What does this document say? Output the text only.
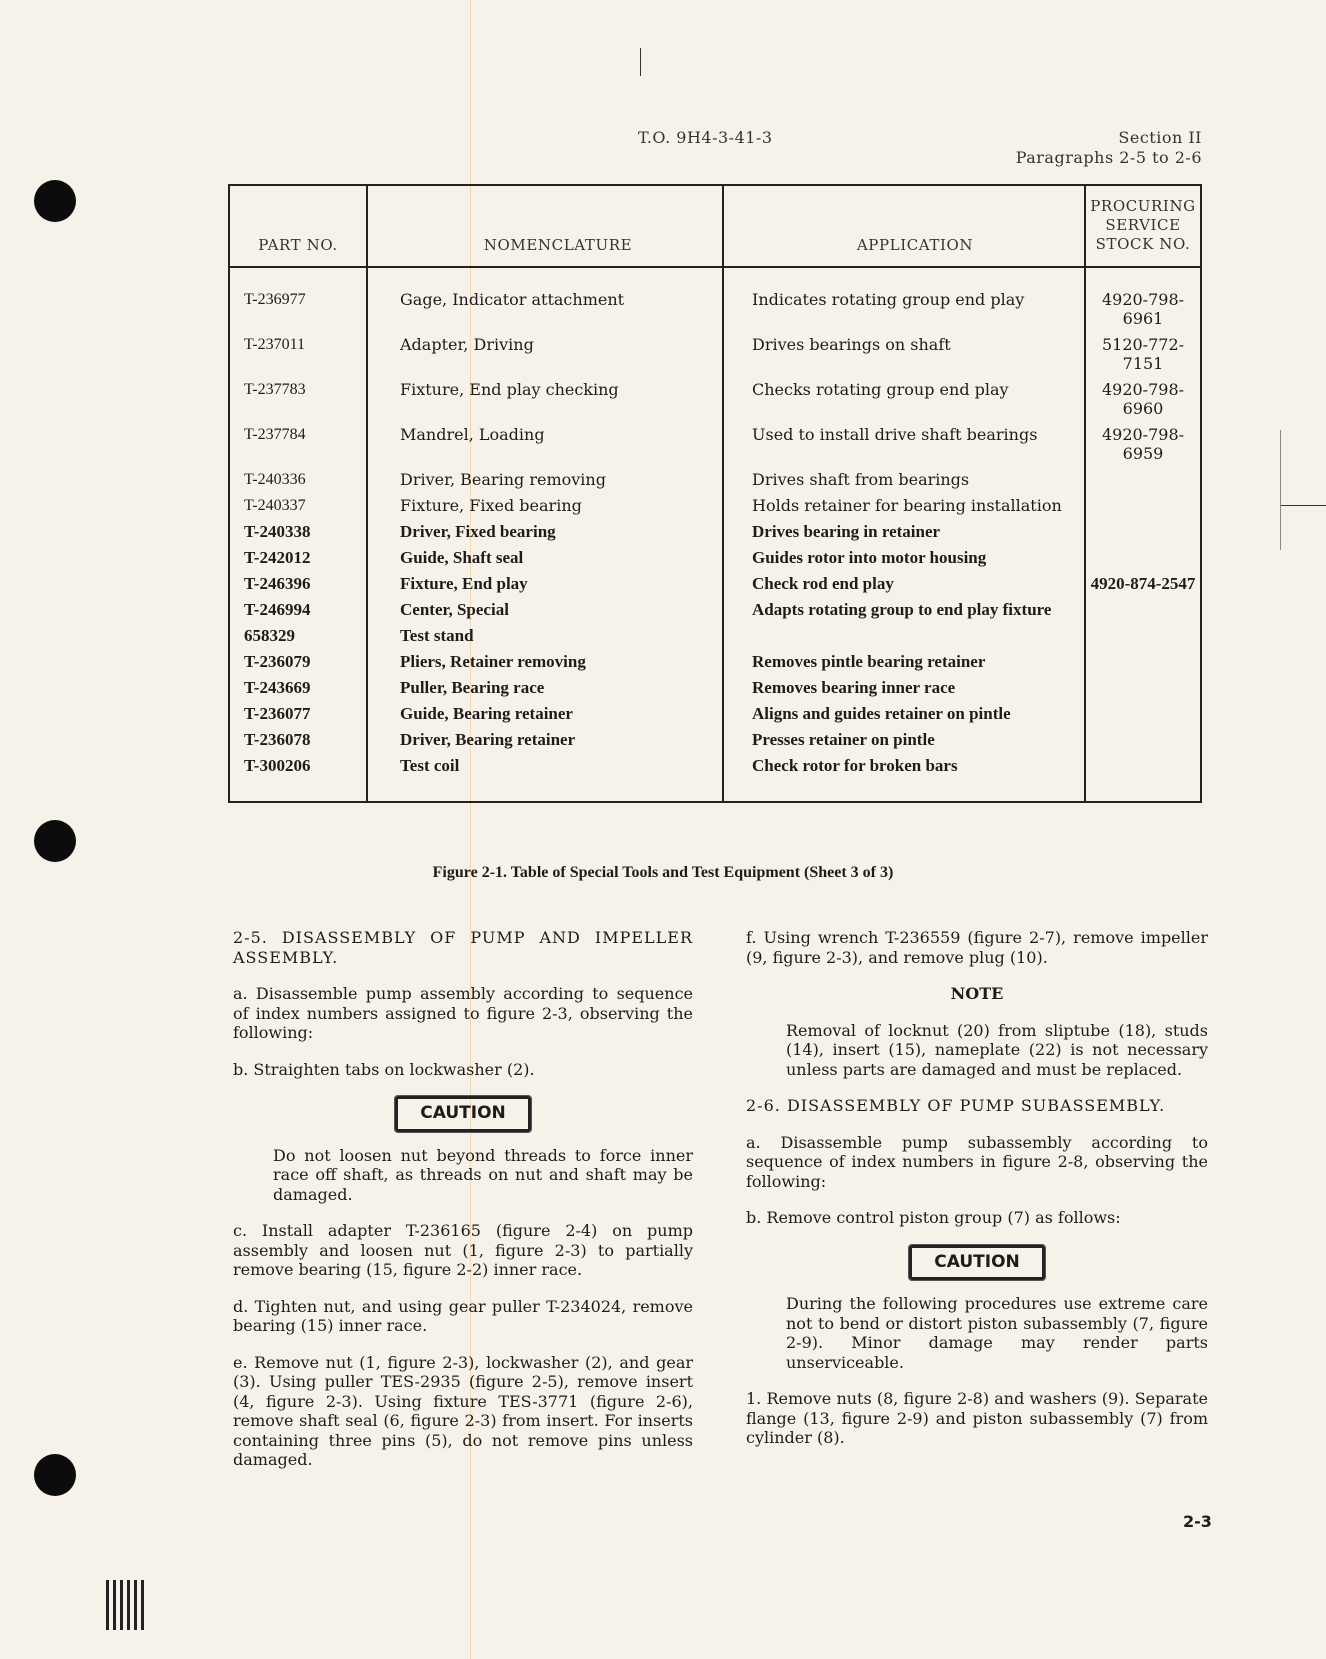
T.O. 9H4-3-41-3	Section II
Paragraphs 2-5 to 2-6
PART NO.	NOMENCLATURE	APPLICATION	PROCURING
SERVICE
STOCK NO.

T-236977	Gage, Indicator attachment	Indicates rotating group end play	4920-798-6961
T-237011	Adapter, Driving	Drives bearings on shaft	5120-772-7151
T-237783	Fixture, End play checking	Checks rotating group end play	4920-798-6960
T-237784	Mandrel, Loading	Used to install drive shaft bearings	4920-798-6959
T-240336	Driver, Bearing removing	Drives shaft from bearings	
T-240337	Fixture, Fixed bearing	Holds retainer for bearing installation	
T-240338	Driver, Fixed bearing	Drives bearing in retainer	
T-242012	Guide, Shaft seal	Guides rotor into motor housing	
T-246396	Fixture, End play	Check rod end play	4920-874-2547
T-246994	Center, Special	Adapts rotating group to end play fixture	
658329	Test stand		
T-236079	Pliers, Retainer removing	Removes pintle bearing retainer	
T-243669	Puller, Bearing race	Removes bearing inner race	
T-236077	Guide, Bearing retainer	Aligns and guides retainer on pintle	
T-236078	Driver, Bearing retainer	Presses retainer on pintle	
T-300206	Test coil	Check rotor for broken bars	
Figure 2-1. Table of Special Tools and Test Equipment (Sheet 3 of 3)

2-5. DISASSEMBLY OF PUMP AND IMPELLER ASSEMBLY.

a. Disassemble pump assembly according to sequence of index numbers assigned to figure 2-3, observing the following:

b. Straighten tabs on lockwasher (2).

CAUTION

Do not loosen nut beyond threads to force inner race off shaft, as threads on nut and shaft may be damaged.

c. Install adapter T-236165 (figure 2-4) on pump assembly and loosen nut (1, figure 2-3) to partially remove bearing (15, figure 2-2) inner race.

d. Tighten nut, and using gear puller T-234024, remove bearing (15) inner race.

e. Remove nut (1, figure 2-3), lockwasher (2), and gear (3). Using puller TES-2935 (figure 2-5), remove insert (4, figure 2-3). Using fixture TES-3771 (figure 2-6), remove shaft seal (6, figure 2-3) from insert. For inserts containing three pins (5), do not remove pins unless damaged.

f. Using wrench T-236559 (figure 2-7), remove impeller (9, figure 2-3), and remove plug (10).

NOTE

Removal of locknut (20) from sliptube (18), studs (14), insert (15), nameplate (22) is not necessary unless parts are damaged and must be replaced.

2-6. DISASSEMBLY OF PUMP SUBASSEMBLY.

a. Disassemble pump subassembly according to sequence of index numbers in figure 2-8, observing the following:

b. Remove control piston group (7) as follows:

CAUTION

During the following procedures use extreme care not to bend or distort piston subassembly (7, figure 2-9). Minor damage may render parts unserviceable.

1. Remove nuts (8, figure 2-8) and washers (9). Separate flange (13, figure 2-9) and piston subassembly (7) from cylinder (8).

2-3
